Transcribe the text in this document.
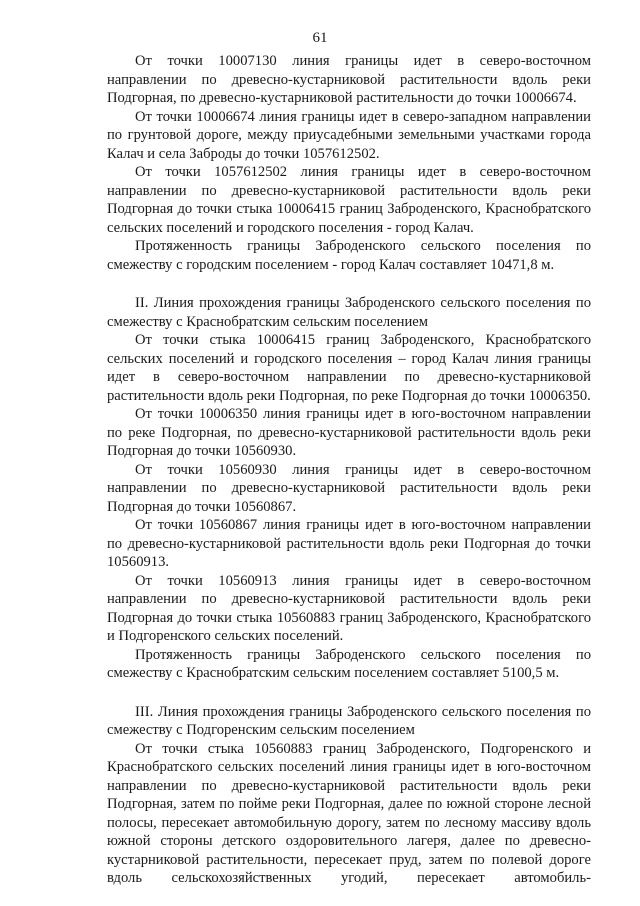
61

От точки 10007130 линия границы идет в северо-восточном направлении по древесно-кустарниковой растительности вдоль реки Подгорная, по древесно-кустарниковой растительности до точки 10006674.

От точки 10006674 линия границы идет в северо-западном направлении по грунтовой дороге, между приусадебными земельными участками города Калач и села Заброды до точки 1057612502.

От точки 1057612502 линия границы идет в северо-восточном направлении по древесно-кустарниковой растительности вдоль реки Подгорная до точки стыка 10006415 границ Заброденского, Краснобратского сельских поселений и городского поселения - город Калач.

Протяженность границы Заброденского сельского поселения по смежеству с городским поселением - город Калач составляет 10471,8 м.

II. Линия прохождения границы Заброденского сельского поселения по смежеству с Краснобратским сельским поселением

От точки стыка 10006415 границ Заброденского, Краснобратского сельских поселений и городского поселения – город Калач линия границы идет в северо-восточном направлении по древесно-кустарниковой растительности вдоль реки Подгорная, по реке Подгорная до точки 10006350.

От точки 10006350 линия границы идет в юго-восточном направлении по реке Подгорная, по древесно-кустарниковой растительности вдоль реки Подгорная до точки 10560930.

От точки 10560930 линия границы идет в северо-восточном направлении по древесно-кустарниковой растительности вдоль реки Подгорная до точки 10560867.

От точки 10560867 линия границы идет в юго-восточном направлении по древесно-кустарниковой растительности вдоль реки Подгорная до точки 10560913.

От точки 10560913 линия границы идет в северо-восточном направлении по древесно-кустарниковой растительности вдоль реки Подгорная до точки стыка 10560883 границ Заброденского, Краснобратского и Подгоренского сельских поселений.

Протяженность границы Заброденского сельского поселения по смежеству с Краснобратским сельским поселением составляет 5100,5 м.

III. Линия прохождения границы Заброденского сельского поселения по смежеству с Подгоренским сельским поселением

От точки стыка 10560883 границ Заброденского, Подгоренского и Краснобратского сельских поселений линия границы идет в юго-восточном направлении по древесно-кустарниковой растительности вдоль реки Подгорная, затем по пойме реки Подгорная, далее по южной стороне лесной полосы, пересекает автомобильную дорогу, затем по лесному массиву вдоль южной стороны детского оздоровительного лагеря, далее по древесно-кустарниковой растительности, пересекает пруд, затем по полевой дороге вдоль сельскохозяйственных угодий, пересекает автомобиль-
